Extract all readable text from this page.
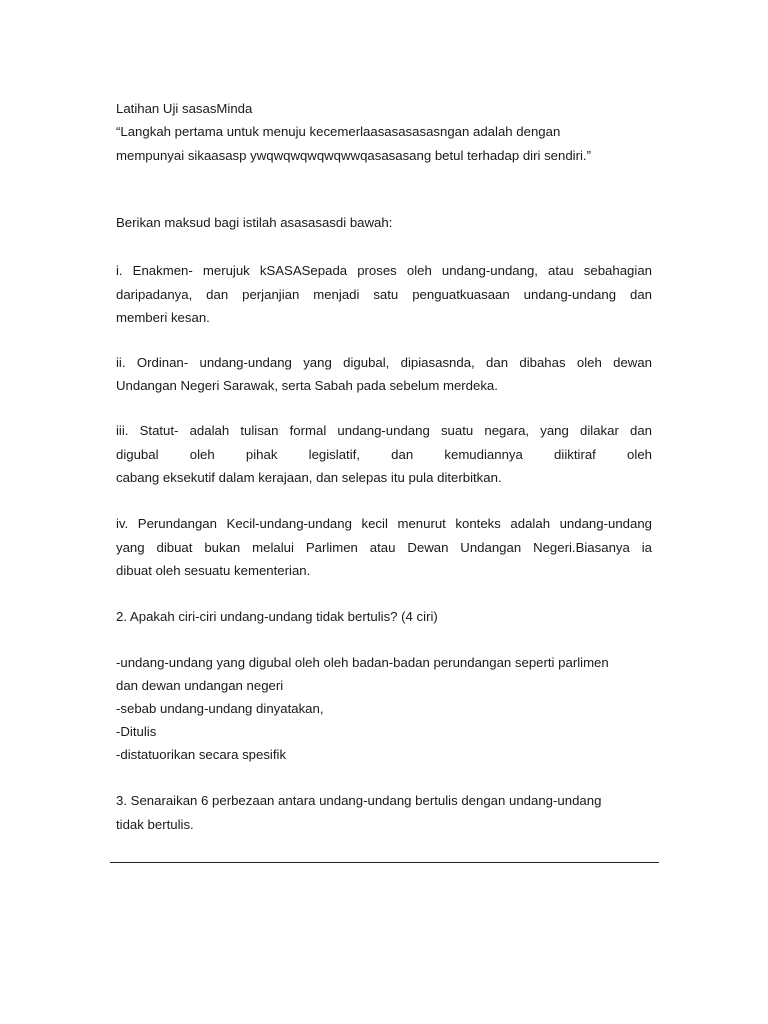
Latihan Uji sasasMinda
“Langkah pertama untuk menuju kecemerlaasasasasasngan adalah dengan
mempunyai sikaasasp ywqwqwqwqwqwwqasasasang betul terhadap diri sendiri.”
Berikan maksud bagi istilah asasasasdi bawah:
i. Enakmen- merujuk kSASASepada proses oleh undang-undang, atau sebahagian
daripadanya, dan perjanjian menjadi satu penguatkuasaan undang-undang dan
memberi kesan.
ii. Ordinan- undang-undang yang digubal, dipiasasnda, dan dibahas oleh dewan
Undangan Negeri Sarawak, serta Sabah pada sebelum merdeka.
iii. Statut- adalah tulisan formal undang-undang suatu negara, yang dilakar dan
digubal oleh pihak legislatif, dan kemudiannya diiktiraf oleh
cabang eksekutif dalam kerajaan, dan selepas itu pula diterbitkan.
iv. Perundangan Kecil-undang-undang kecil menurut konteks adalah undang-undang
yang dibuat bukan melalui Parlimen atau Dewan Undangan Negeri.Biasanya ia
dibuat oleh sesuatu kementerian.
2. Apakah ciri-ciri undang-undang tidak bertulis? (4 ciri)
-undang-undang yang digubal oleh oleh badan-badan perundangan seperti parlimen
dan dewan undangan negeri
-sebab undang-undang dinyatakan,
-Ditulis
-distatuorikan secara spesifik
3. Senaraikan 6 perbezaan antara undang-undang bertulis dengan undang-undang
tidak bertulis.
